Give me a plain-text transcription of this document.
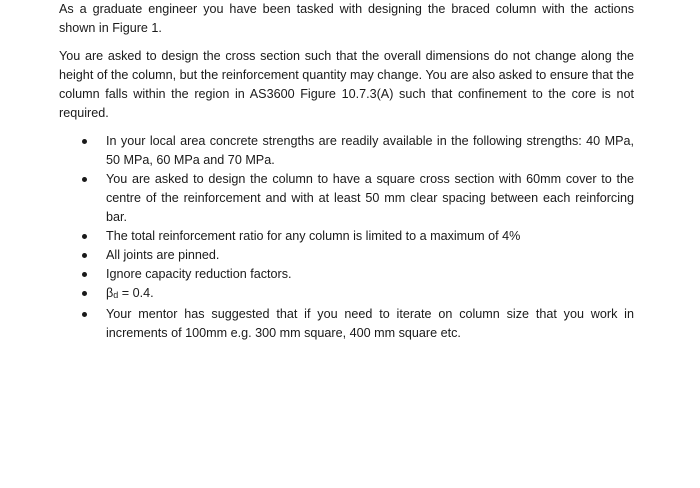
As a graduate engineer you have been tasked with designing the braced column with the actions shown in Figure 1.

You are asked to design the cross section such that the overall dimensions do not change along the height of the column, but the reinforcement quantity may change. You are also asked to ensure that the column falls within the region in AS3600 Figure 10.7.3(A) such that confinement to the core is not required.

In your local area concrete strengths are readily available in the following strengths: 40 MPa, 50 MPa, 60 MPa and 70 MPa.
You are asked to design the column to have a square cross section with 60mm cover to the centre of the reinforcement and with at least 50 mm clear spacing between each reinforcing bar.
The total reinforcement ratio for any column is limited to a maximum of 4%
All joints are pinned.
Ignore capacity reduction factors.
βd = 0.4.
Your mentor has suggested that if you need to iterate on column size that you work in increments of 100mm e.g. 300 mm square, 400 mm square etc.
